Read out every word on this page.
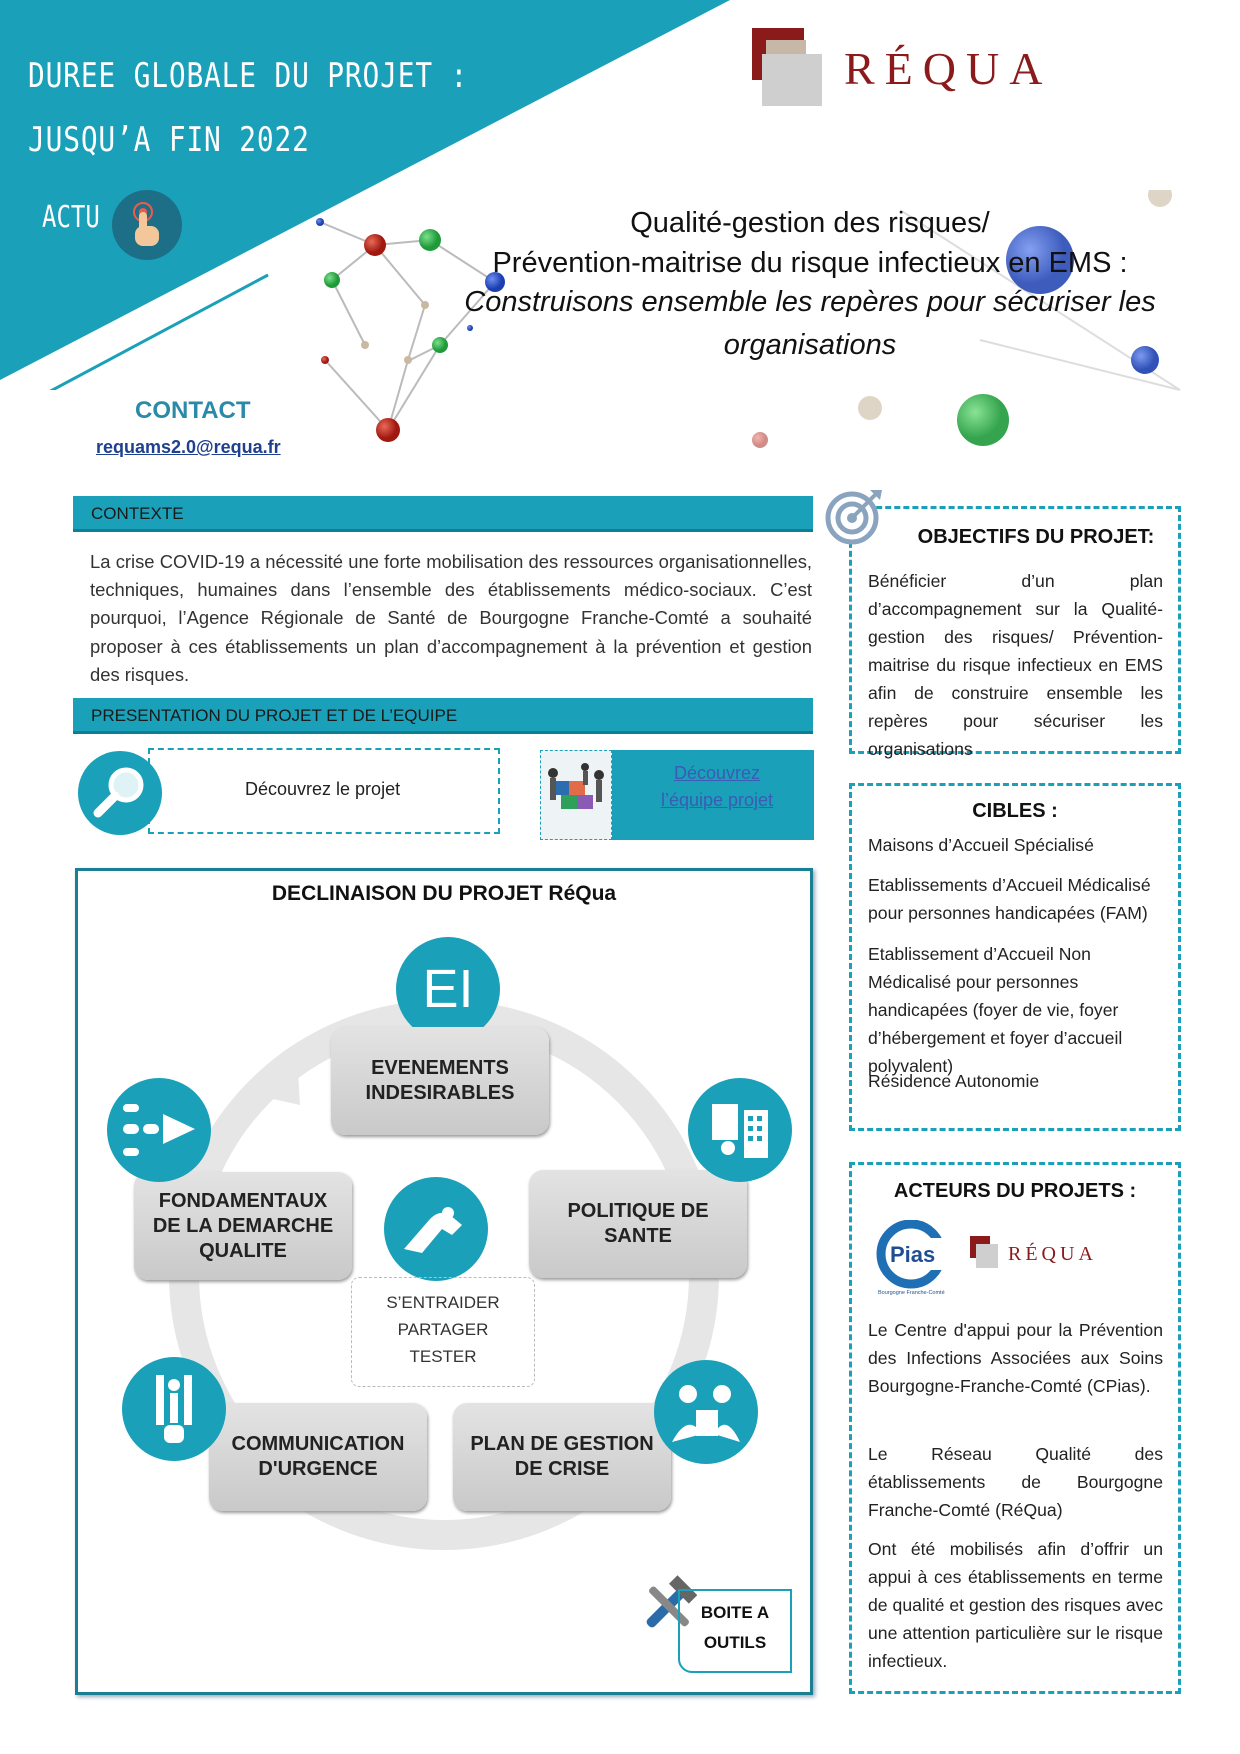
DUREE GLOBALE DU PROJET :
JUSQU’A FIN 2022
ACTU
RÉQUA
Qualité-gestion des risques/
Prévention-maitrise du risque infectieux en EMS :
Construisons ensemble les repères pour sécuriser les
organisations
CONTACT
requams2.0@requa.fr
CONTEXTE
La crise COVID-19 a nécessité une forte mobilisation des ressources organisationnelles, techniques, humaines dans l’ensemble des établissements médico-sociaux. C’est pourquoi, l’Agence Régionale de Santé de Bourgogne Franche-Comté a souhaité proposer à ces établissements un plan d’accompagnement à la prévention et gestion des risques.
PRESENTATION DU PROJET ET DE L’EQUIPE
Découvrez le projet
Découvrez
l’équipe projet
DECLINAISON DU PROJET RéQua
EI
EVENEMENTS
INDESIRABLES
POLITIQUE DE
SANTE
FONDAMENTAUX
DE LA DEMARCHE
QUALITE
COMMUNICATION
D'URGENCE
PLAN DE GESTION
DE CRISE
S’ENTRAIDER
PARTAGER
TESTER
BOITE A
OUTILS
OBJECTIFS DU PROJET:
Bénéficier d’un plan d’accompagnement sur la Qualité-gestion des risques/ Prévention-maitrise du risque infectieux en EMS afin de construire ensemble les repères pour sécuriser les organisations
CIBLES :
Maisons d’Accueil Spécialisé
Etablissements d’Accueil Médicalisé pour personnes handicapées (FAM)
Etablissement d’Accueil Non Médicalisé pour personnes handicapées (foyer de vie, foyer d’hébergement et foyer d’accueil polyvalent)
Résidence Autonomie
ACTEURS DU PROJETS :
Pias
Bourgogne Franche-Comté
RÉQUA
Le Centre d'appui pour la Prévention des Infections Associées aux Soins Bourgogne-Franche-Comté (CPias).
Le Réseau Qualité des établissements de Bourgogne Franche-Comté (RéQua)
Ont été mobilisés afin d’offrir un appui à ces établissements en terme de qualité et gestion des risques avec une attention particulière sur le risque infectieux.
